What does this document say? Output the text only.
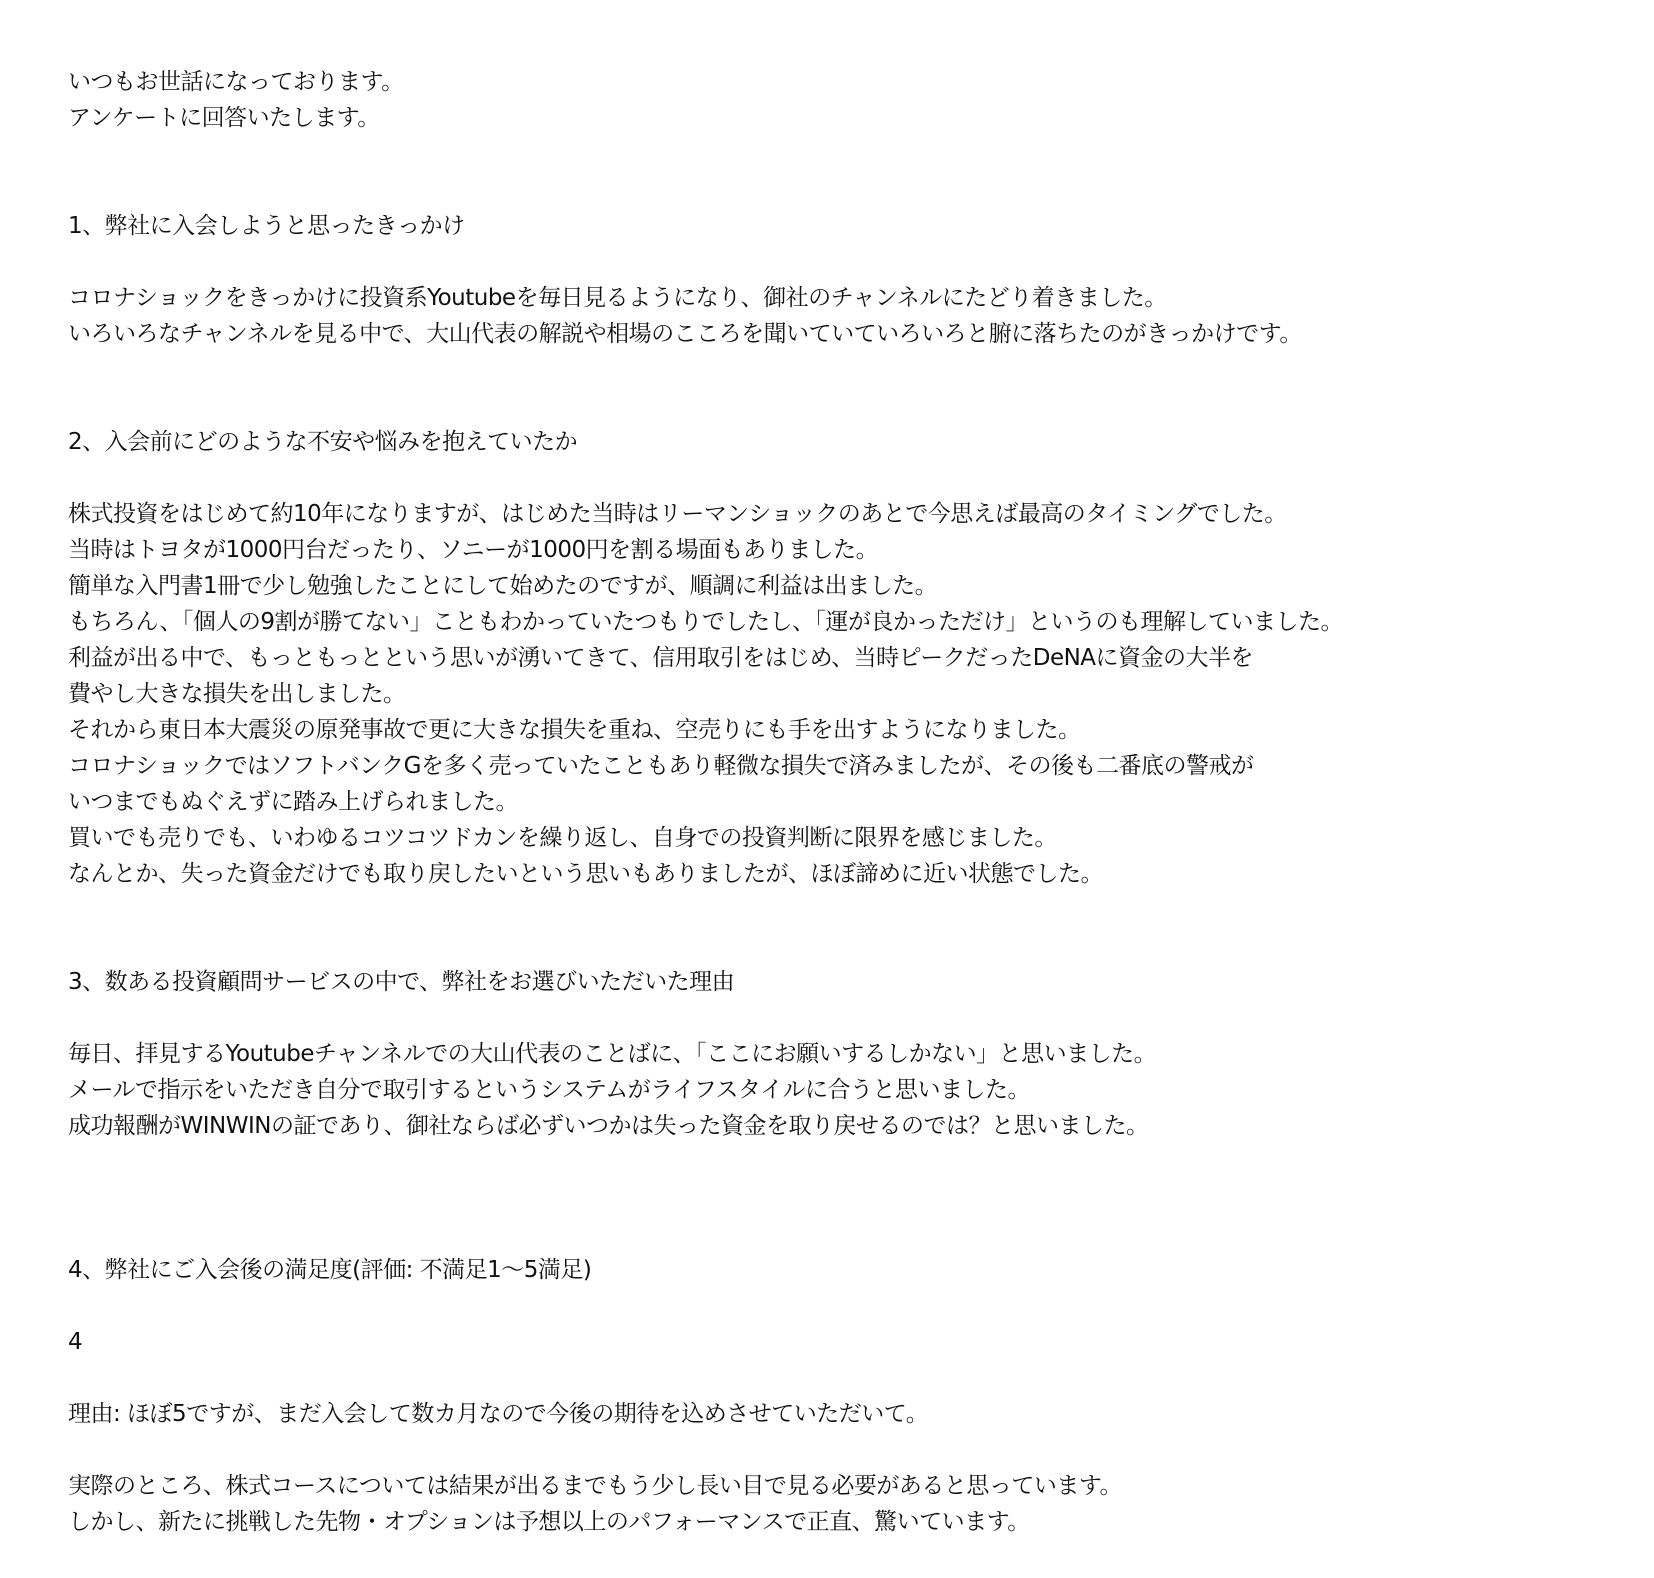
いつもお世話になっております。
アンケートに回答いたします。
1、弊社に入会しようと思ったきっかけ
コロナショックをきっかけに投資系Youtubeを毎日見るようになり、御社のチャンネルにたどり着きました。
いろいろなチャンネルを見る中で、大山代表の解説や相場のこころを聞いていていろいろと腑に落ちたのがきっかけです。
2、入会前にどのような不安や悩みを抱えていたか
株式投資をはじめて約10年になりますが、はじめた当時はリーマンショックのあとで今思えば最高のタイミングでした。
当時はトヨタが1000円台だったり、ソニーが1000円を割る場面もありました。
簡単な入門書1冊で少し勉強したことにして始めたのですが、順調に利益は出ました。
もちろん、「個人の9割が勝てない」こともわかっていたつもりでしたし、「運が良かっただけ」というのも理解していました。
利益が出る中で、もっともっとという思いが湧いてきて、信用取引をはじめ、当時ピークだったDeNAに資金の大半を
費やし大きな損失を出しました。
それから東日本大震災の原発事故で更に大きな損失を重ね、空売りにも手を出すようになりました。
コロナショックではソフトバンクGを多く売っていたこともあり軽微な損失で済みましたが、その後も二番底の警戒が
いつまでもぬぐえずに踏み上げられました。
買いでも売りでも、いわゆるコツコツドカンを繰り返し、自身での投資判断に限界を感じました。
なんとか、失った資金だけでも取り戻したいという思いもありましたが、ほぼ諦めに近い状態でした。
3、数ある投資顧問サービスの中で、弊社をお選びいただいた理由
毎日、拝見するYoutubeチャンネルでの大山代表のことばに、「ここにお願いするしかない」と思いました。
メールで指示をいただき自分で取引するというシステムがライフスタイルに合うと思いました。
成功報酬がWINWINの証であり、御社ならば必ずいつかは失った資金を取り戻せるのでは？と思いました。
4、弊社にご入会後の満足度(評価: 不満足1～5満足)
4
理由: ほぼ5ですが、まだ入会して数カ月なので今後の期待を込めさせていただいて。
実際のところ、株式コースについては結果が出るまでもう少し長い目で見る必要があると思っています。
しかし、新たに挑戦した先物・オプションは予想以上のパフォーマンスで正直、驚いています。
